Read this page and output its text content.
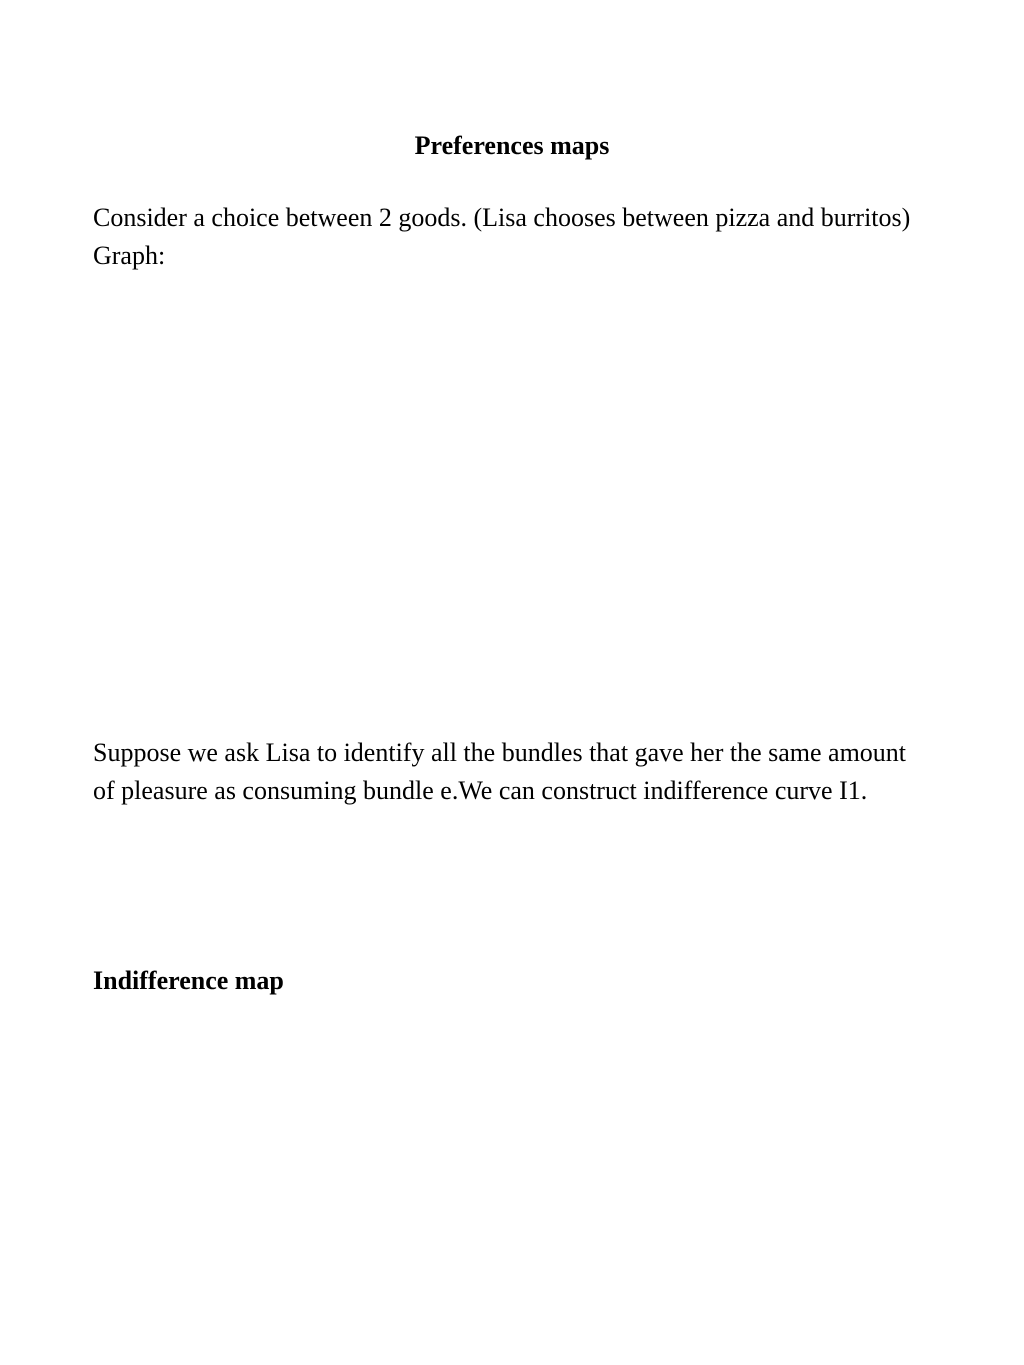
Preferences maps

Consider a choice between 2 goods. (Lisa chooses between pizza and burritos)
Graph:

Suppose we ask Lisa to identify all the bundles that gave her the same amount
of pleasure as consuming bundle e.We can construct indifference curve I1.

Indifference map
